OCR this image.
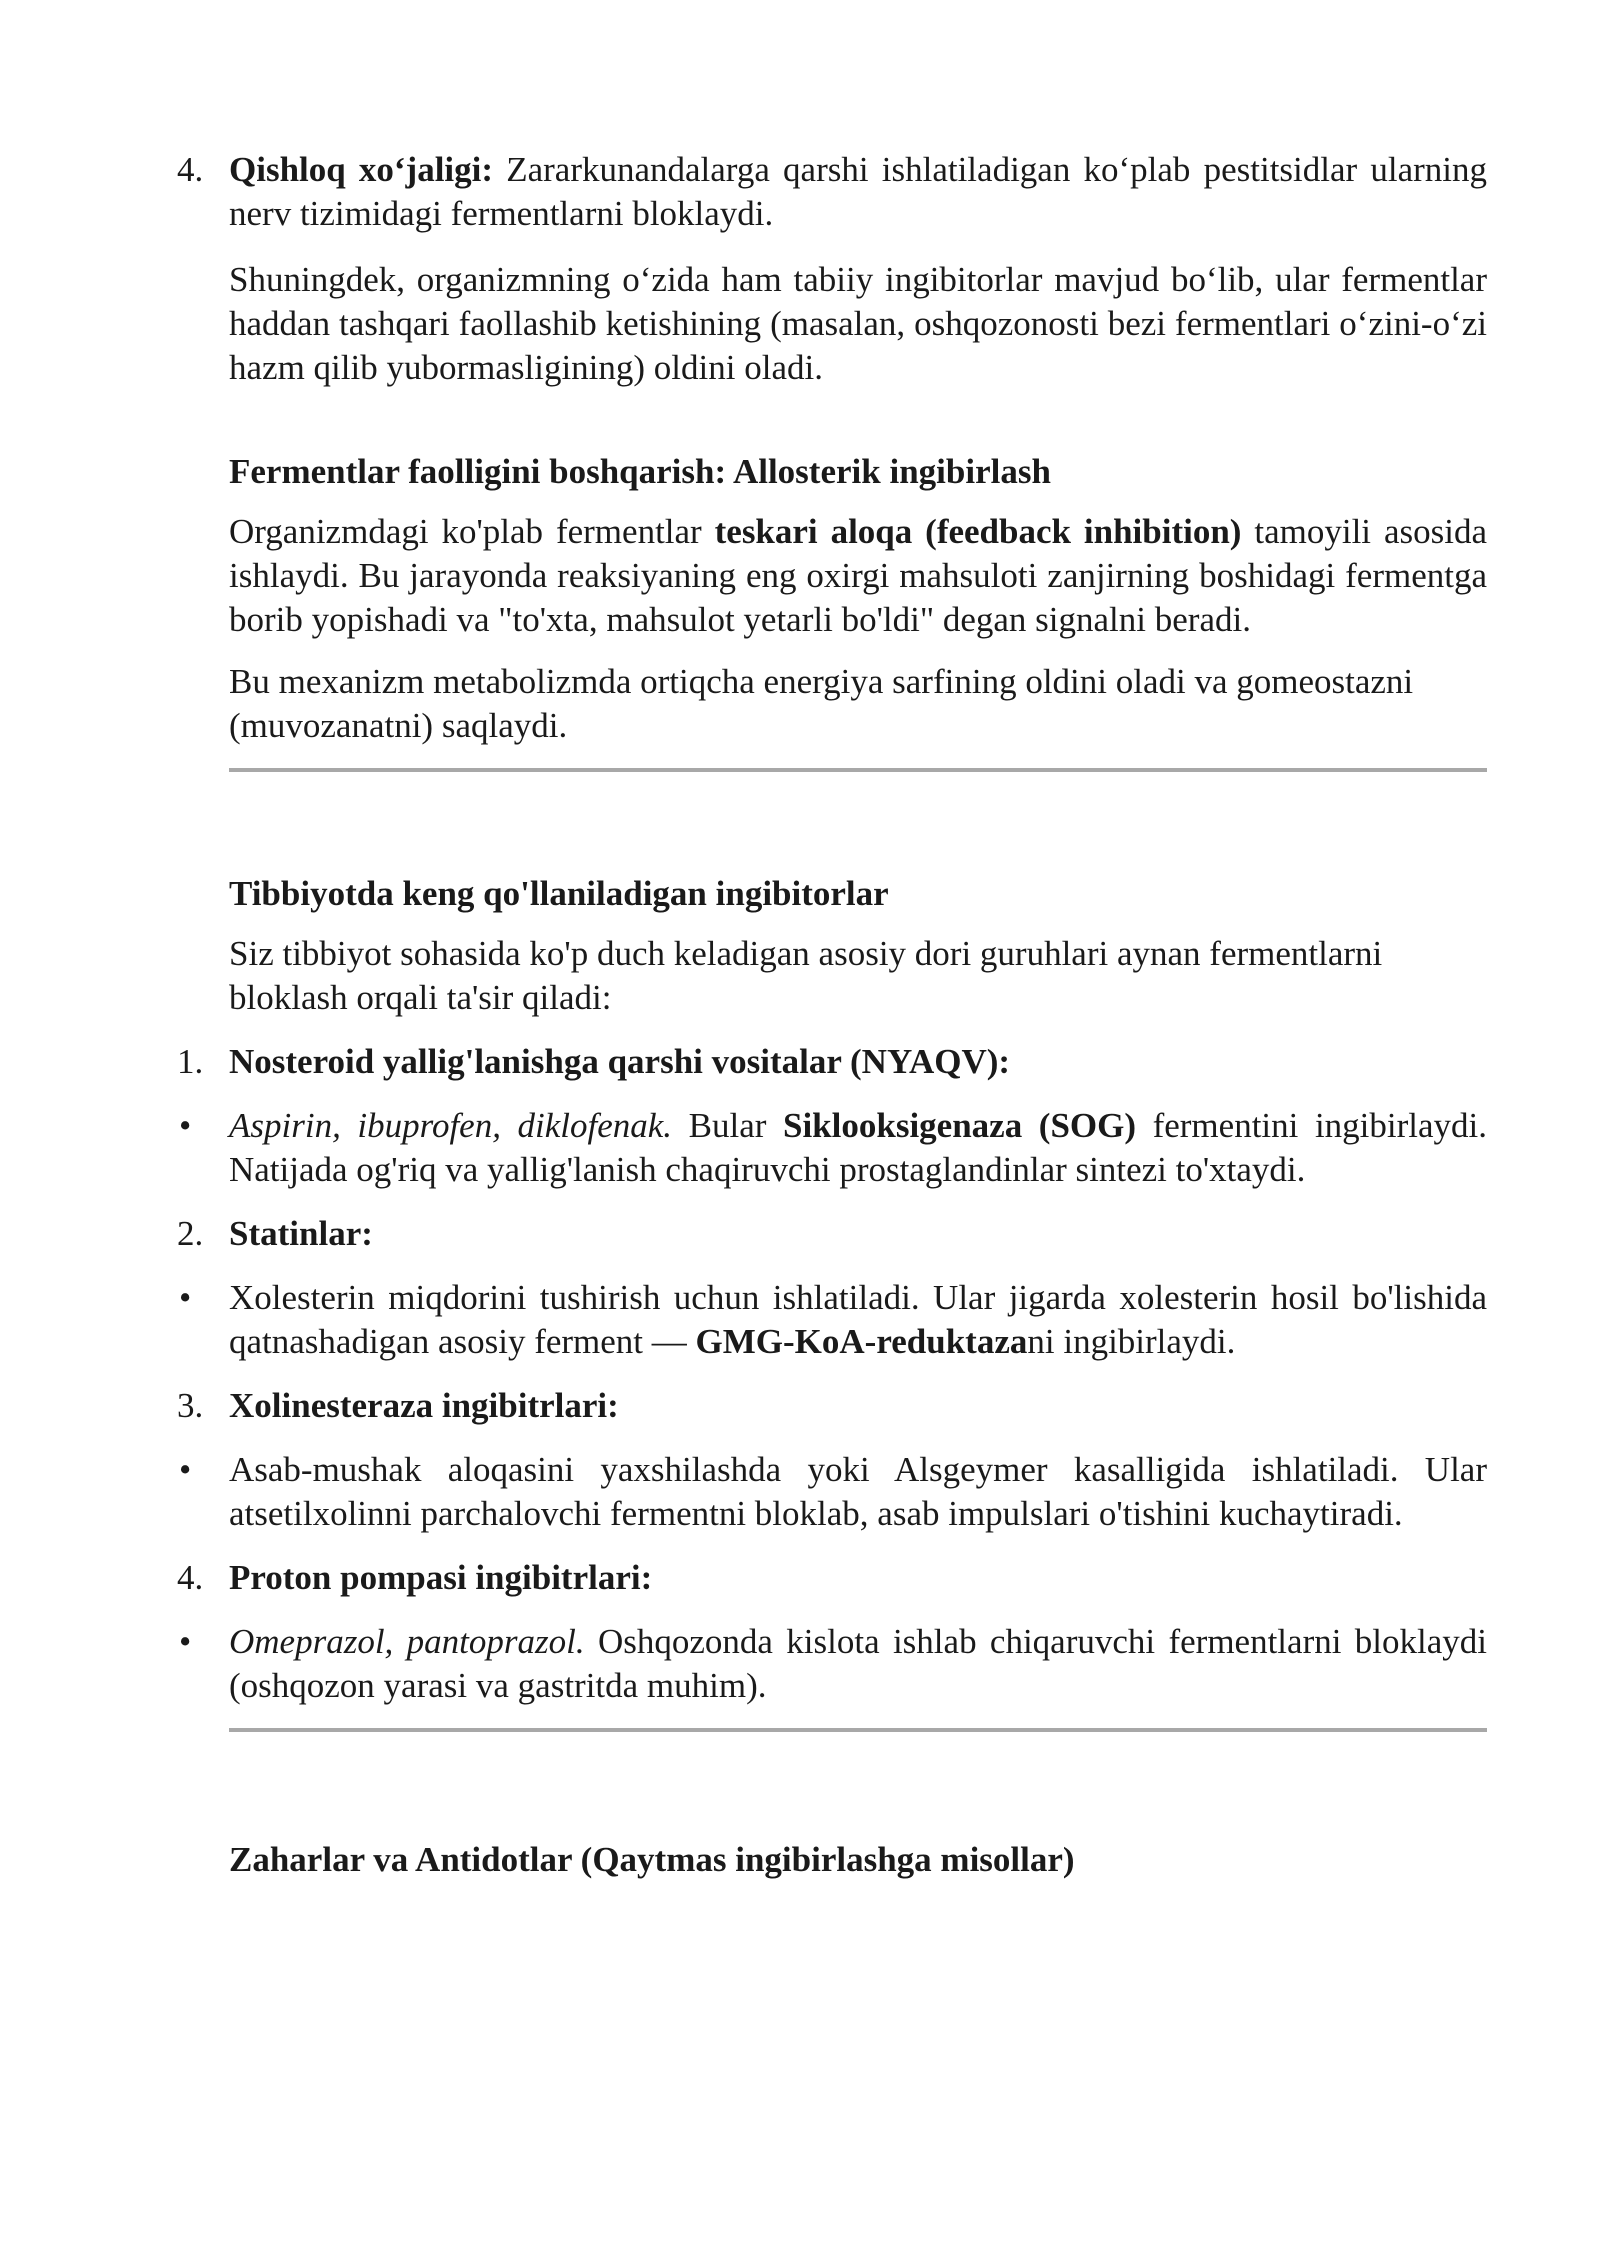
4. Qishloq xo‘jaligi: Zararkunandalarga qarshi ishlatiladigan ko‘plab pestitsidlar ularning nerv tizimidagi fermentlarni bloklaydi.

Shuningdek, organizmning o‘zida ham tabiiy ingibitorlar mavjud bo‘lib, ular fermentlar haddan tashqari faollashib ketishining (masalan, oshqozonosti bezi fermentlari o‘zini-o‘zi hazm qilib yubormasligining) oldini oladi.

Fermentlar faolligini boshqarish: Allosterik ingibirlash

Organizmdagi ko'plab fermentlar teskari aloqa (feedback inhibition) tamoyili asosida ishlaydi. Bu jarayonda reaksiyaning eng oxirgi mahsuloti zanjirning boshidagi fermentga borib yopishadi va "to'xta, mahsulot yetarli bo'ldi" degan signalni beradi.

Bu mexanizm metabolizmda ortiqcha energiya sarfining oldini oladi va gomeostazni (muvozanatni) saqlaydi.

Tibbiyotda keng qo'llaniladigan ingibitorlar

Siz tibbiyot sohasida ko'p duch keladigan asosiy dori guruhlari aynan fermentlarni bloklash orqali ta'sir qiladi:

1. Nosteroid yallig'lanishga qarshi vositalar (NYAQV):
• Aspirin, ibuprofen, diklofenak. Bular Siklooksigenaza (SOG) fermentini ingibirlaydi. Natijada og'riq va yallig'lanish chaqiruvchi prostaglandinlar sintezi to'xtaydi.

2. Statinlar:
• Xolesterin miqdorini tushirish uchun ishlatiladi. Ular jigarda xolesterin hosil bo'lishida qatnashadigan asosiy ferment — GMG-KoA-reduktazani ingibirlaydi.

3. Xolinesteraza ingibitrlari:
• Asab-mushak aloqasini yaxshilashda yoki Alsgeymer kasalligida ishlatiladi. Ular atsetilxolinni parchalovchi fermentni bloklab, asab impulslari o'tishini kuchaytiradi.

4. Proton pompasi ingibitrlari:
• Omeprazol, pantoprazol. Oshqozonda kislota ishlab chiqaruvchi fermentlarni bloklaydi (oshqozon yarasi va gastritda muhim).

Zaharlar va Antidotlar (Qaytmas ingibirlashga misollar)
